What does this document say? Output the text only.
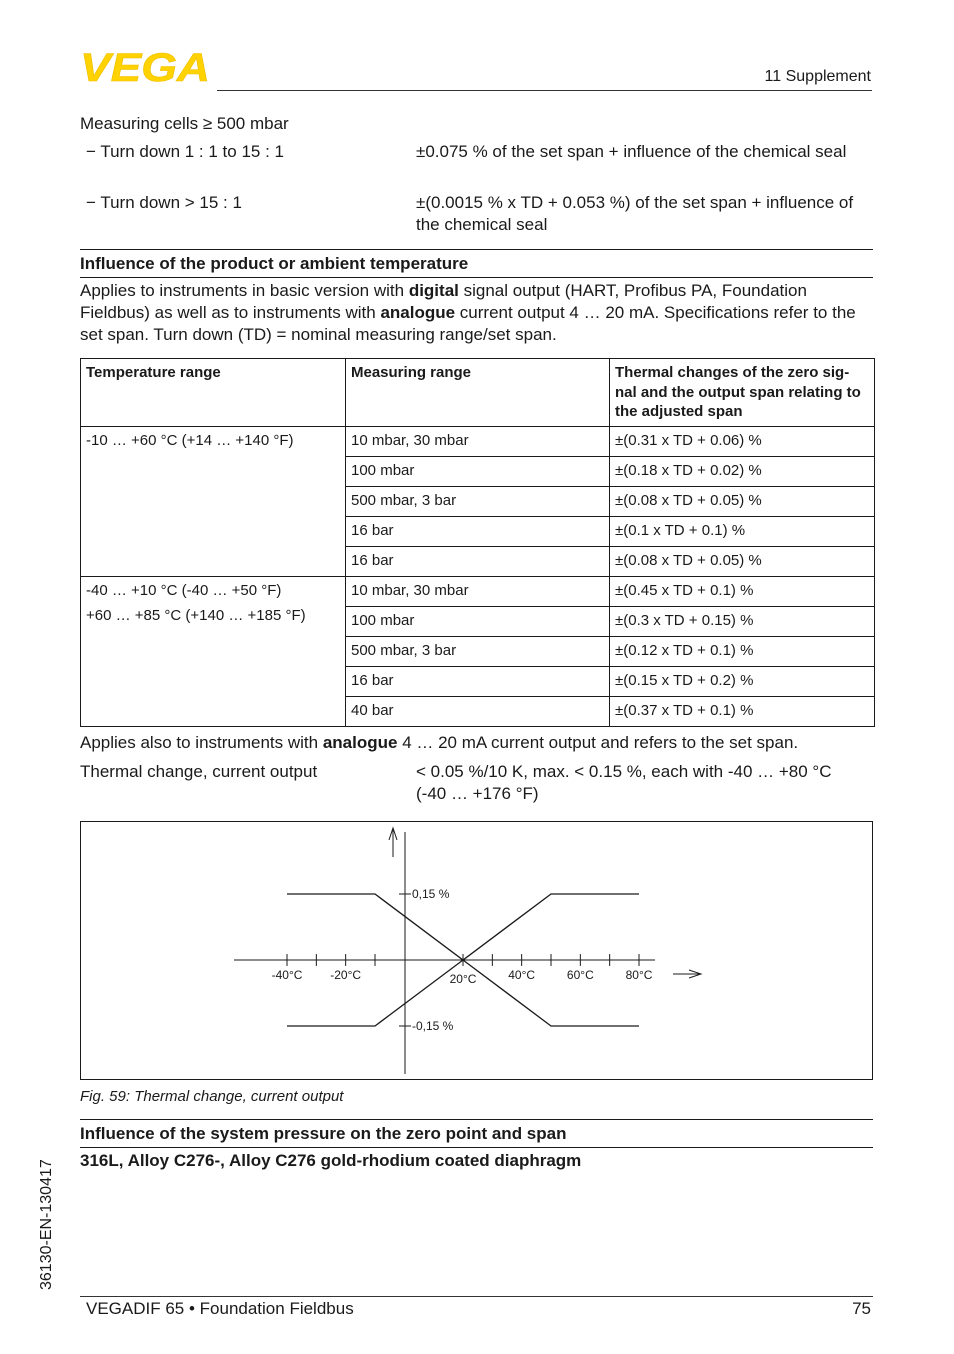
VEGA	11 Supplement
Measuring cells ≥ 500 mbar
− Turn down 1 : 1 to 15 : 1	±0.075 % of the set span + influence of the chemical seal
− Turn down > 15 : 1	±(0.0015 % x TD + 0.053 %) of the set span + influence of the chemical seal
Influence of the product or ambient temperature
Applies to instruments in basic version with digital signal output (HART, Profibus PA, Foundation Fieldbus) as well as to instruments with analogue current output 4 … 20 mA. Specifications refer to the set span. Turn down (TD) = nominal measuring range/set span.
Temperature range	Measuring range	Thermal changes of the zero sig-nal and the output span relating to the adjusted span

-10 … +60 °C (+14 … +140 °F)	10 mbar, 30 mbar	±(0.31 x TD + 0.06) %
	100 mbar	±(0.18 x TD + 0.02) %
	500 mbar, 3 bar	±(0.08 x TD + 0.05) %
	16 bar	±(0.1 x TD + 0.1) %
	16 bar	±(0.08 x TD + 0.05) %

-40 … +10 °C (-40 … +50 °F)
+60 … +85 °C (+140 … +185 °F)	10 mbar, 30 mbar	±(0.45 x TD + 0.1) %
	100 mbar	±(0.3 x TD + 0.15) %
	500 mbar, 3 bar	±(0.12 x TD + 0.1) %
	16 bar	±(0.15 x TD + 0.2) %
	40 bar	±(0.37 x TD + 0.1) %
Applies also to instruments with analogue 4 … 20 mA current output and refers to the set span.
Thermal change, current output	< 0.05 %/10 K, max. < 0.15 %, each with -40 … +80 °C (-40 … +176 °F)
-40°C -20°C	20°C	40°C	60°C	80°C
0,15 %
-0,15 %
Fig. 59: Thermal change, current output
Influence of the system pressure on the zero point and span
316L, Alloy C276-, Alloy C276 gold-rhodium coated diaphragm
36130-EN-130417
VEGADIF 65 • Foundation Fieldbus	75
